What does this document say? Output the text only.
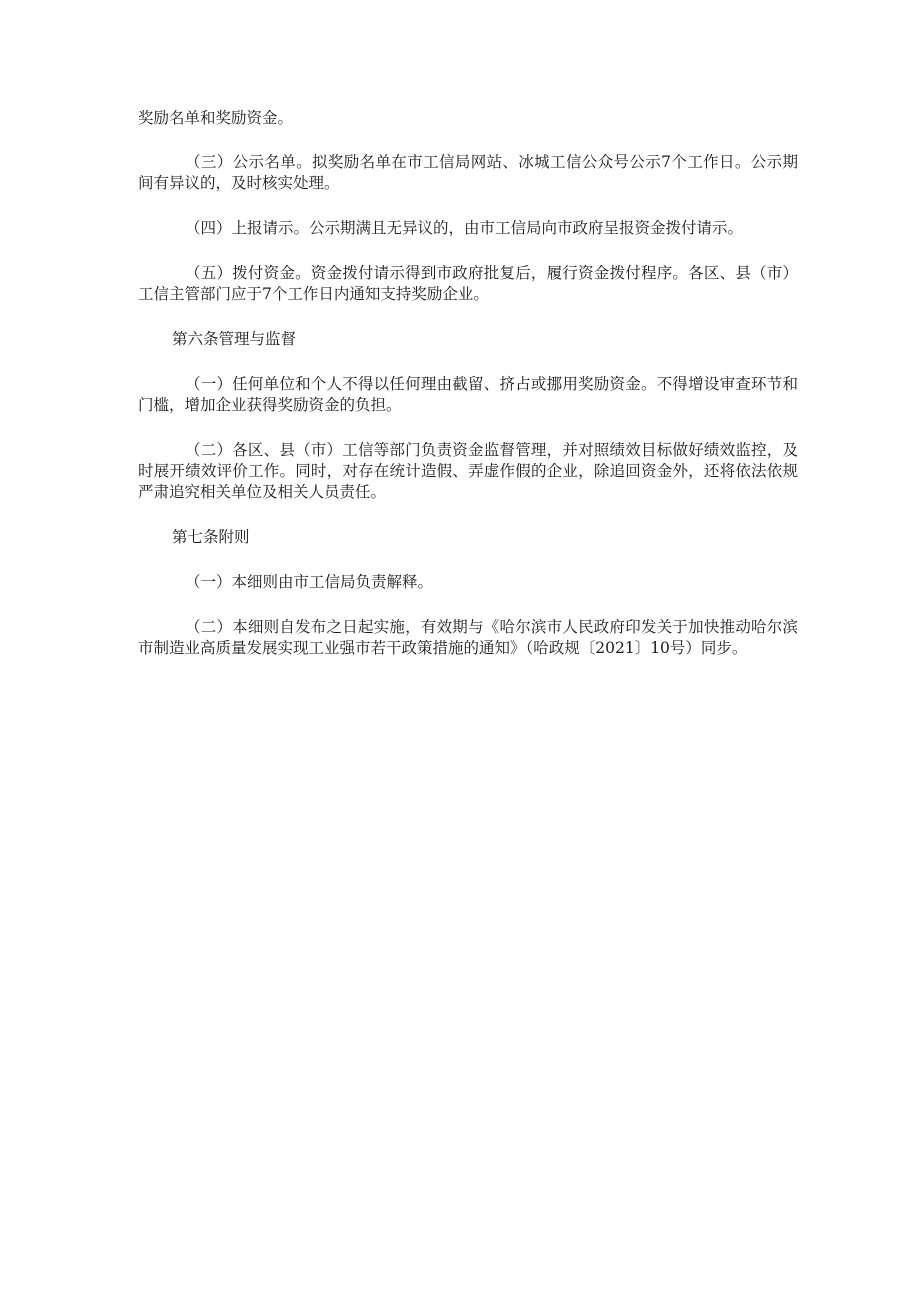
奖励名单和奖励资金。

（三）公示名单。拟奖励名单在市工信局网站、冰城工信公众号公示7个工作日。公示期间有异议的，及时核实处理。

（四）上报请示。公示期满且无异议的，由市工信局向市政府呈报资金拨付请示。

（五）拨付资金。资金拨付请示得到市政府批复后，履行资金拨付程序。各区、县（市）工信主管部门应于7个工作日内通知支持奖励企业。

第六条管理与监督

（一）任何单位和个人不得以任何理由截留、挤占或挪用奖励资金。不得增设审查环节和门槛，增加企业获得奖励资金的负担。

（二）各区、县（市）工信等部门负责资金监督管理，并对照绩效目标做好绩效监控，及时展开绩效评价工作。同时，对存在统计造假、弄虚作假的企业，除追回资金外，还将依法依规严肃追究相关单位及相关人员责任。

第七条附则

（一）本细则由市工信局负责解释。

（二）本细则自发布之日起实施，有效期与《哈尔滨市人民政府印发关于加快推动哈尔滨市制造业高质量发展实现工业强市若干政策措施的通知》（哈政规〔2021〕10号）同步。
